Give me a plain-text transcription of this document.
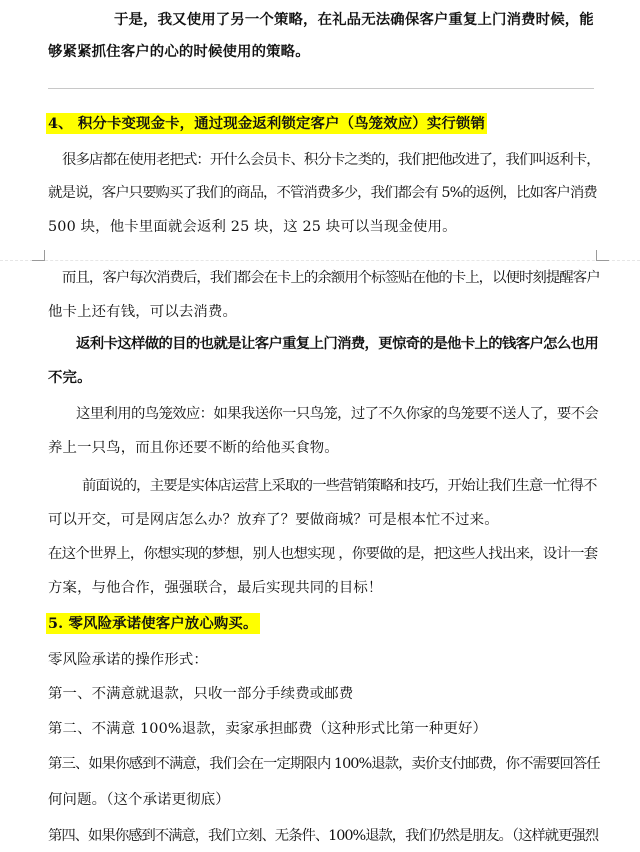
于是，我又使用了另一个策略，在礼品无法确保客户重复上门消费时候，能
够紧紧抓住客户的心的时候使用的策略。
4、 积分卡变现金卡，通过现金返利锁定客户（鸟笼效应）实行锁销
很多店都在使用老把式：开什么会员卡、积分卡之类的，我们把他改进了，我们叫返利卡，
就是说，客户只要购买了我们的商品，不管消费多少，我们都会有 5%的返例，比如客户消费
500 块，他卡里面就会返利 25 块，这 25 块可以当现金使用。
而且，客户每次消费后，我们都会在卡上的余额用个标签贴在他的卡上，以便时刻提醒客户
他卡上还有钱，可以去消费。
返利卡这样做的目的也就是让客户重复上门消费，更惊奇的是他卡上的钱客户怎么也用
不完。
这里利用的鸟笼效应：如果我送你一只鸟笼，过了不久你家的鸟笼要不送人了，要不会
养上一只鸟，而且你还要不断的给他买食物。
前面说的，主要是实体店运营上采取的一些营销策略和技巧，开始让我们生意一忙得不
可以开交，可是网店怎么办？放弃了？要做商城？可是根本忙不过来。
在这个世界上，你想实现的梦想，别人也想实现 ，你要做的是，把这些人找出来，设计一套
方案，与他合作，强强联合，最后实现共同的目标！
5. 零风险承诺使客户放心购买。
零风险承诺的操作形式：
第一、不满意就退款，只收一部分手续费或邮费
第二、不满意 100%退款，卖家承担邮费（这种形式比第一种更好）
第三、如果你感到不满意，我们会在一定期限内 100%退款，卖价支付邮费，你不需要回答任
何问题。（这个承诺更彻底）
第四、如果你感到不满意，我们立刻、无条件、100%退款，我们仍然是朋友。（这样就更强烈
